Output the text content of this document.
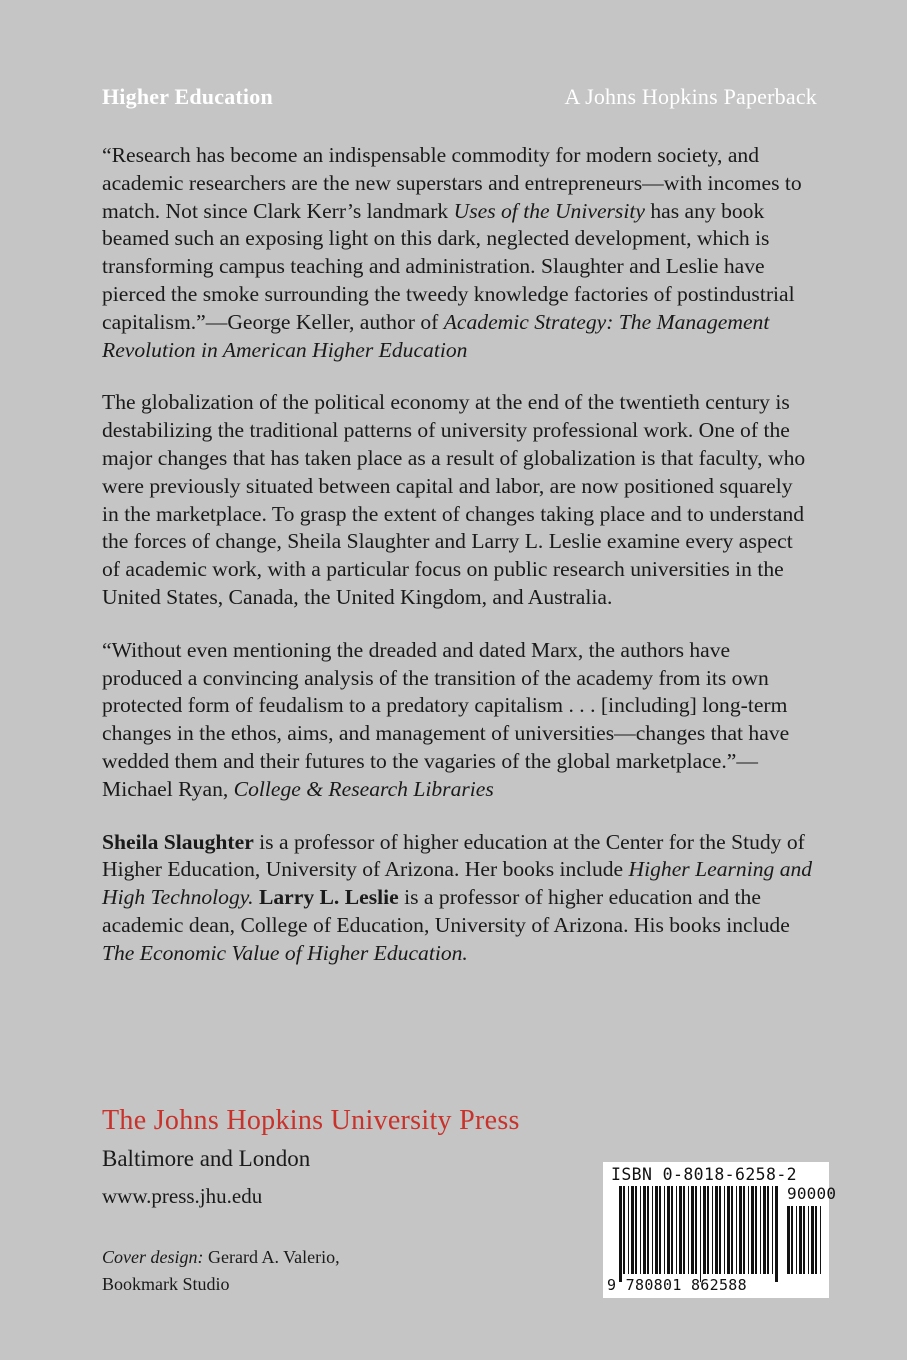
Higher Education	A Johns Hopkins Paperback

“Research has become an indispensable commodity for modern society, and academic researchers are the new superstars and entrepreneurs—with incomes to match. Not since Clark Kerr’s landmark Uses of the University has any book beamed such an exposing light on this dark, neglected development, which is transforming campus teaching and administration. Slaughter and Leslie have pierced the smoke surrounding the tweedy knowledge factories of postindustrial capitalism.”—George Keller, author of Academic Strategy: The Management Revolution in American Higher Education

The globalization of the political economy at the end of the twentieth century is destabilizing the traditional patterns of university professional work. One of the major changes that has taken place as a result of globalization is that faculty, who were previously situated between capital and labor, are now positioned squarely in the marketplace. To grasp the extent of changes taking place and to understand the forces of change, Sheila Slaughter and Larry L. Leslie examine every aspect of academic work, with a particular focus on public research universities in the United States, Canada, the United Kingdom, and Australia.

“Without even mentioning the dreaded and dated Marx, the authors have produced a convincing analysis of the transition of the academy from its own protected form of feudalism to a predatory capitalism . . . [including] long-term changes in the ethos, aims, and management of universities—changes that have wedded them and their futures to the vagaries of the global marketplace.”—Michael Ryan, College & Research Libraries

Sheila Slaughter is a professor of higher education at the Center for the Study of Higher Education, University of Arizona. Her books include Higher Learning and High Technology. Larry L. Leslie is a professor of higher education and the academic dean, College of Education, University of Arizona. His books include The Economic Value of Higher Education.

The Johns Hopkins University Press
Baltimore and London
www.press.jhu.edu
Cover design: Gerard A. Valerio,
Bookmark Studio
ISBN 0-8018-6258-2
90000
9 780801 862588
